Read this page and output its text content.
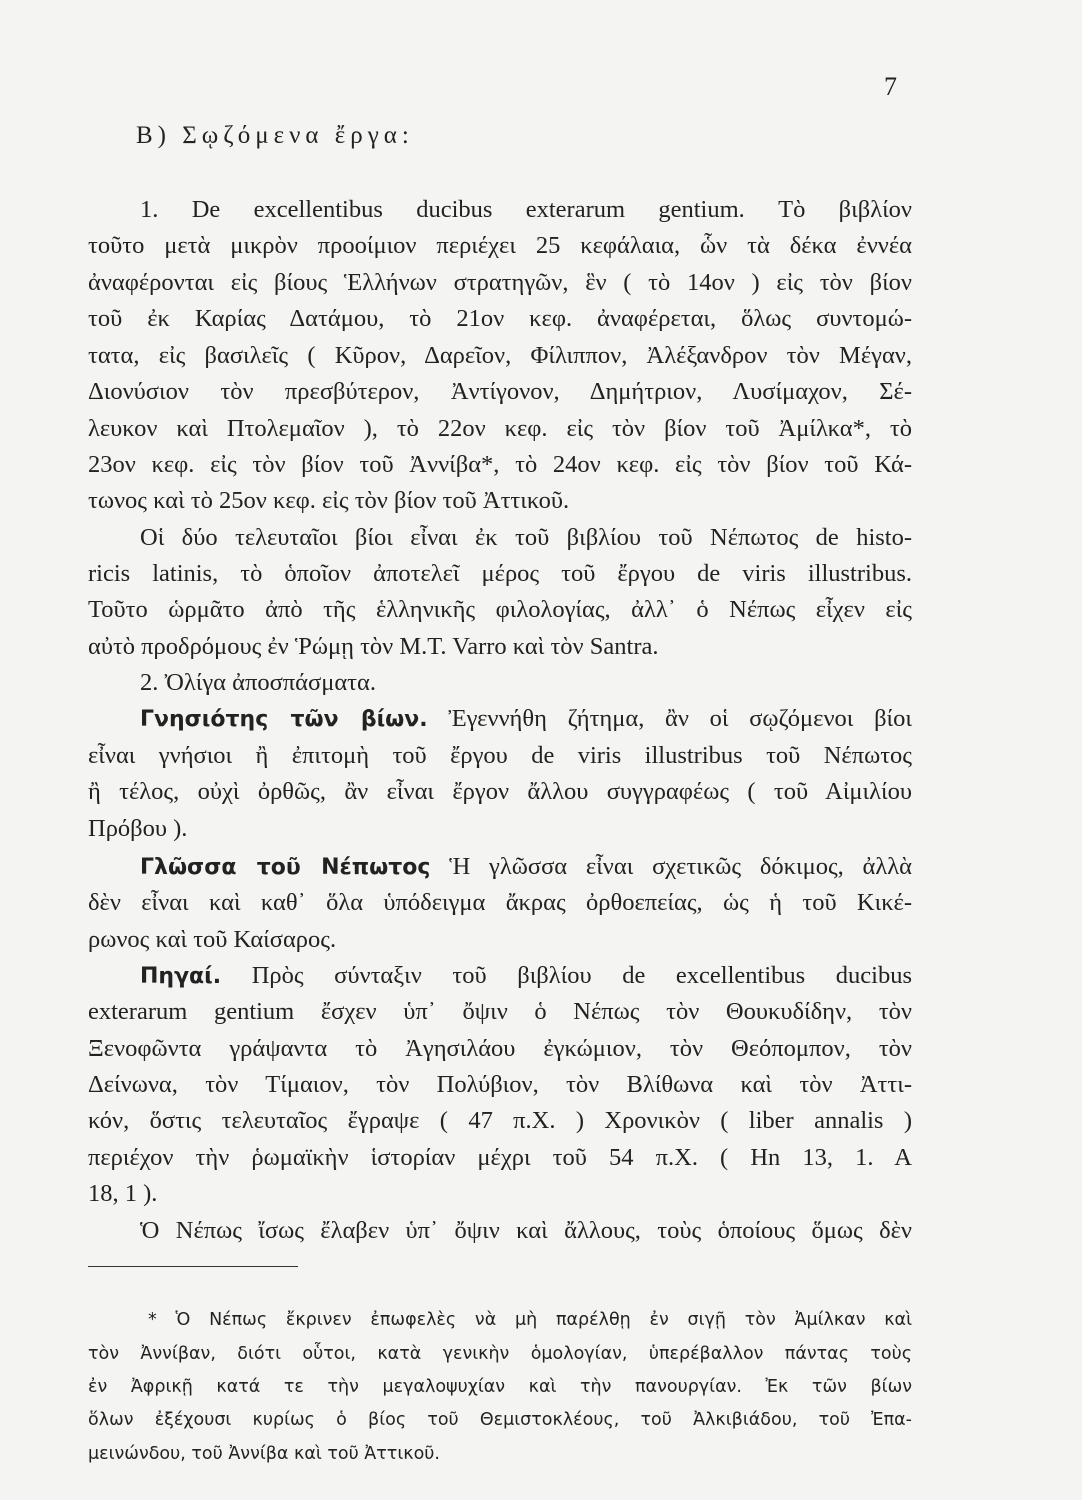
7
B) Σῳζόμενα ἔργα:
1. De excellentibus ducibus exterarum gentium. Τὸ βιβλίον
τοῦτο μετὰ μικρὸν προοίμιον περιέχει 25 κεφάλαια, ὧν τὰ δέκα ἐννέα
ἀναφέρονται εἰς βίους Ἑλλήνων στρατηγῶν, ἓν ( τὸ 14ον ) εἰς τὸν βίον
τοῦ ἐκ Καρίας Δατάμου, τὸ 21ον κεφ. ἀναφέρεται, ὅλως συντομώ-
τατα, εἰς βασιλεῖς ( Κῦρον, Δαρεῖον, Φίλιππον, Ἀλέξανδρον τὸν Μέγαν,
Διονύσιον τὸν πρεσβύτερον, Ἀντίγονον, Δημήτριον, Λυσίμαχον, Σέ-
λευκον καὶ Πτολεμαῖον ), τὸ 22ον κεφ. εἰς τὸν βίον τοῦ Ἀμίλκα*, τὸ
23ον κεφ. εἰς τὸν βίον τοῦ Ἀννίβα*, τὸ 24ον κεφ. εἰς τὸν βίον τοῦ Κά-
τωνος καὶ τὸ 25ον κεφ. εἰς τὸν βίον τοῦ Ἀττικοῦ.
Οἱ δύο τελευταῖοι βίοι εἶναι ἐκ τοῦ βιβλίου τοῦ Νέπωτος de histo-
ricis latinis, τὸ ὁποῖον ἀποτελεῖ μέρος τοῦ ἔργου de viris illustribus.
Τοῦτο ὡρμᾶτο ἀπὸ τῆς ἑλληνικῆς φιλολογίας, ἀλλ᾽ ὁ Νέπως εἶχεν εἰς
αὐτὸ προδρόμους ἐν Ῥώμῃ τὸν M.T. Varro καὶ τὸν Santra.
2. Ὀλίγα ἀποσπάσματα.
Γνησιότης τῶν βίων. Ἐγεννήθη ζήτημα, ἂν οἱ σῳζόμενοι βίοι
εἶναι γνήσιοι ἢ ἐπιτομὴ τοῦ ἔργου de viris illustribus τοῦ Νέπωτος
ἢ τέλος, οὐχὶ ὀρθῶς, ἂν εἶναι ἔργον ἄλλου συγγραφέως ( τοῦ Αἰμιλίου
Πρόβου ).
Γλῶσσα τοῦ Νέπωτος Ἡ γλῶσσα εἶναι σχετικῶς δόκιμος, ἀλλὰ
δὲν εἶναι καὶ καθ᾽ ὅλα ὑπόδειγμα ἄκρας ὀρθοεπείας, ὡς ἡ τοῦ Κικέ-
ρωνος καὶ τοῦ Καίσαρος.
Πηγαί. Πρὸς σύνταξιν τοῦ βιβλίου de excellentibus ducibus
exterarum gentium ἔσχεν ὑπ᾽ ὄψιν ὁ Νέπως τὸν Θουκυδίδην, τὸν
Ξενοφῶντα γράψαντα τὸ Ἀγησιλάου ἐγκώμιον, τὸν Θεόπομπον, τὸν
Δείνωνα, τὸν Τίμαιον, τὸν Πολύβιον, τὸν Βλίθωνα καὶ τὸν Ἀττι-
κόν, ὅστις τελευταῖος ἔγραψε ( 47 π.Χ. ) Χρονικὸν ( liber annalis )
περιέχον τὴν ῥωμαϊκὴν ἱστορίαν μέχρι τοῦ 54 π.Χ. ( Hn 13, 1. A
18, 1 ).
Ὁ Νέπως ἴσως ἔλαβεν ὑπ᾽ ὄψιν καὶ ἄλλους, τοὺς ὁποίους ὅμως δὲν
* Ὁ Νέπως ἔκρινεν ἐπωφελὲς νὰ μὴ παρέλθῃ ἐν σιγῇ τὸν Ἀμίλκαν καὶ
τὸν Ἀννίβαν, διότι οὗτοι, κατὰ γενικὴν ὁμολογίαν, ὑπερέβαλλον πάντας τοὺς
ἐν Ἀφρικῇ κατά τε τὴν μεγαλοψυχίαν καὶ τὴν πανουργίαν. Ἐκ τῶν βίων
ὅλων ἐξέχουσι κυρίως ὁ βίος τοῦ Θεμιστοκλέους, τοῦ Ἀλκιβιάδου, τοῦ Ἐπα-
μεινώνδου, τοῦ Ἀννίβα καὶ τοῦ Ἀττικοῦ.
